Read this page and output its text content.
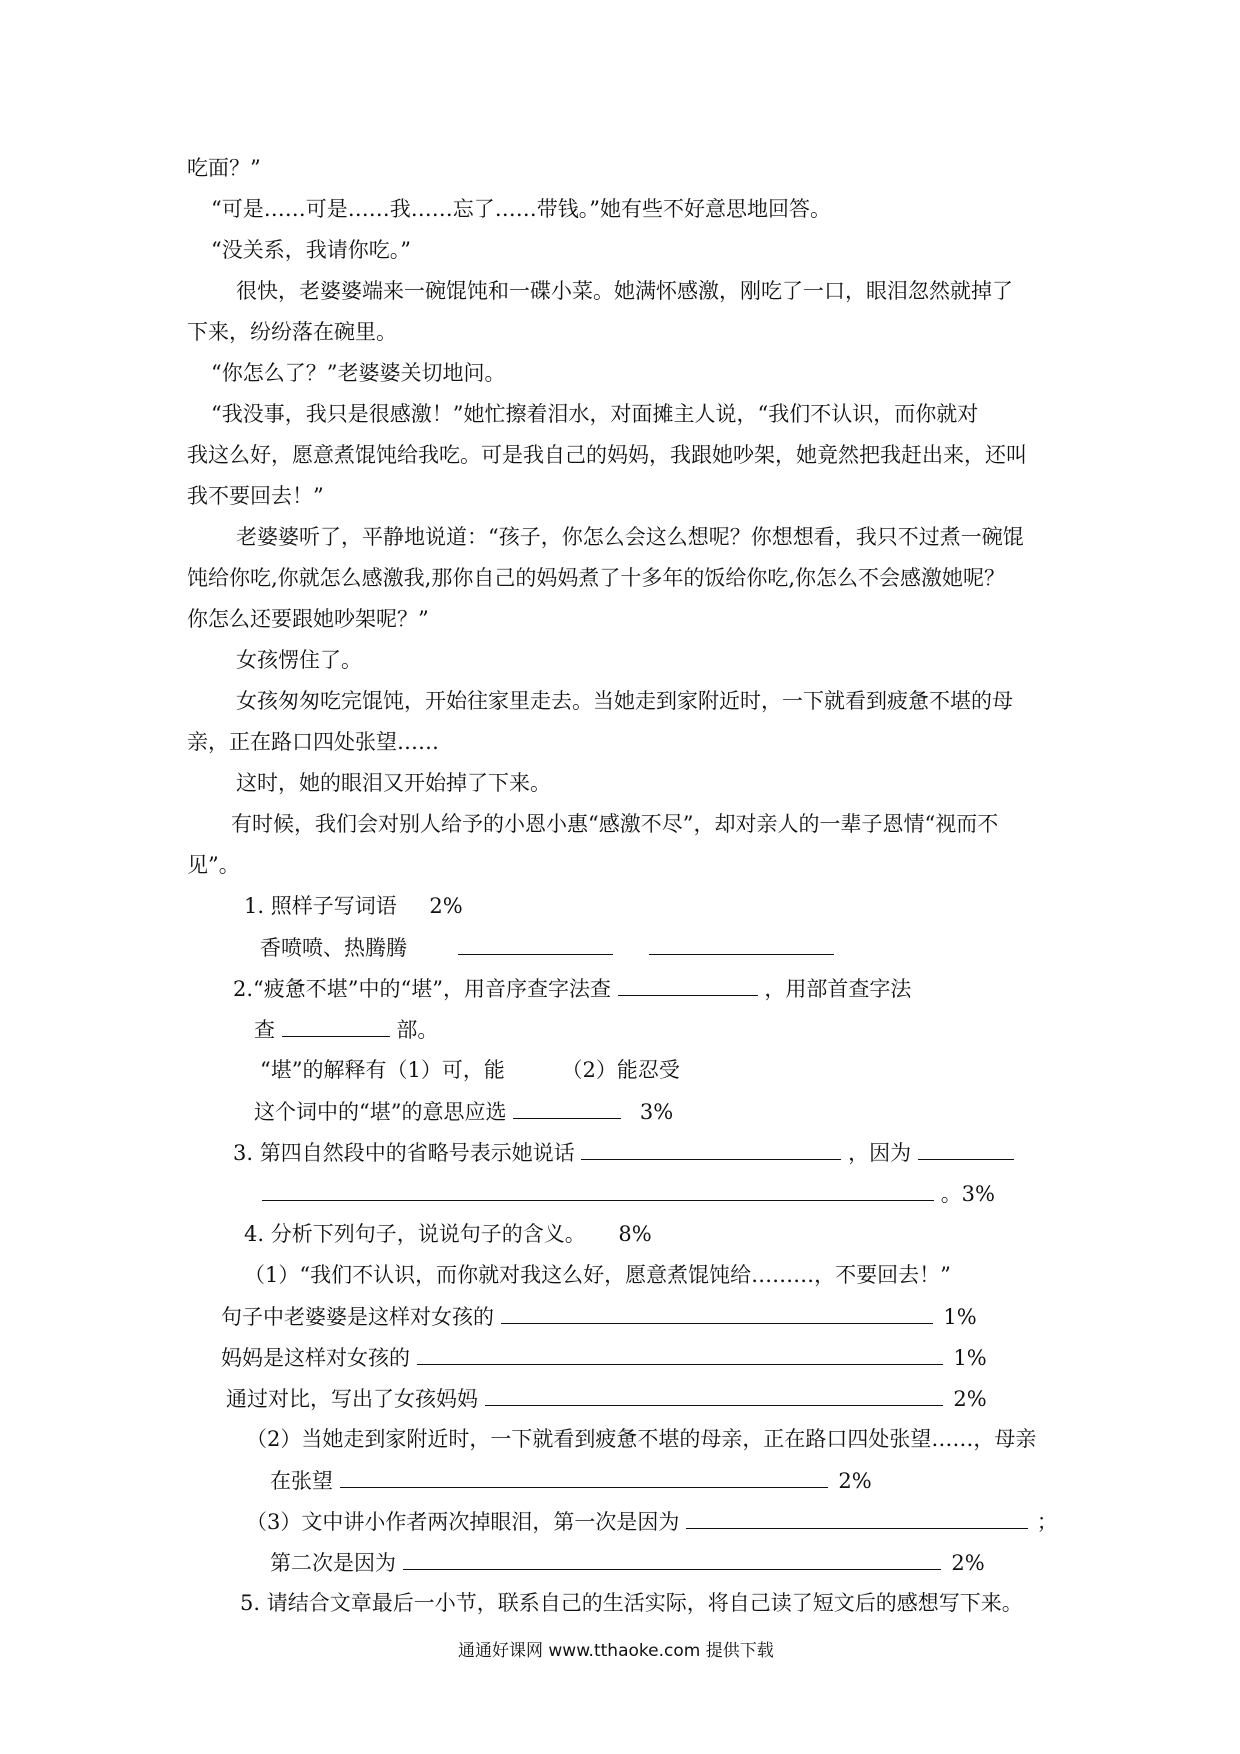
吃面？”
“可是……可是……我……忘了……带钱。”她有些不好意思地回答。
“没关系，我请你吃。”
很快，老婆婆端来一碗馄饨和一碟小菜。她满怀感激，刚吃了一口，眼泪忽然就掉了
下来，纷纷落在碗里。
“你怎么了？”老婆婆关切地问。
“我没事，我只是很感激！”她忙擦着泪水，对面摊主人说，“我们不认识，而你就对
我这么好，愿意煮馄饨给我吃。可是我自己的妈妈，我跟她吵架，她竟然把我赶出来，还叫
我不要回去！”
老婆婆听了，平静地说道：“孩子，你怎么会这么想呢？你想想看，我只不过煮一碗馄
饨给你吃,你就怎么感激我,那你自己的妈妈煮了十多年的饭给你吃,你怎么不会感激她呢？
你怎么还要跟她吵架呢？”
女孩愣住了。
女孩匆匆吃完馄饨，开始往家里走去。当她走到家附近时，一下就看到疲惫不堪的母
亲，正在路口四处张望……
这时，她的眼泪又开始掉了下来。
有时候，我们会对别人给予的小恩小惠“感激不尽”，却对亲人的一辈子恩情“视而不
见”。
1. 照样子写词语 2%
香喷喷、热腾腾
2.“疲惫不堪”中的“堪”，用音序查字法查	，用部首查字法
查	部。
“堪”的解释有（1）可，能	（2）能忍受
这个词中的“堪”的意思应选	3%
3. 第四自然段中的省略号表示她说话	，因为
。3%
4. 分析下列句子，说说句子的含义。 8%
（1）“我们不认识，而你就对我这么好，愿意煮馄饨给………，不要回去！”
句子中老婆婆是这样对女孩的	1%
妈妈是这样对女孩的	1%
通过对比，写出了女孩妈妈	2%
（2）当她走到家附近时，一下就看到疲惫不堪的母亲，正在路口四处张望……，母亲
在张望	2%
（3）文中讲小作者两次掉眼泪，第一次是因为	；
第二次是因为	2%
5. 请结合文章最后一小节，联系自己的生活实际，将自己读了短文后的感想写下来。
通通好课网 www.tthaoke.com 提供下载
